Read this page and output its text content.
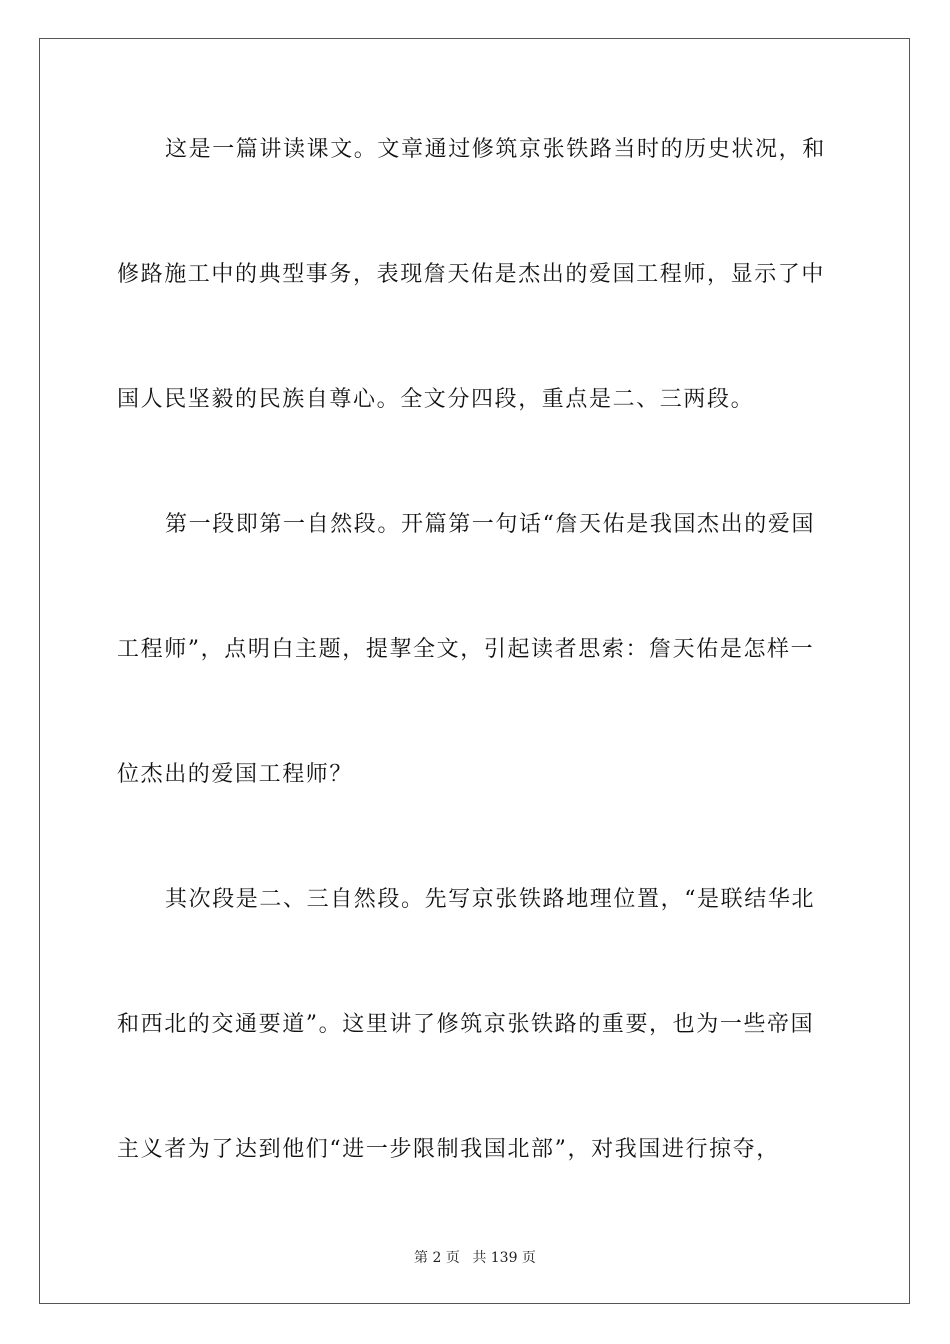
这是一篇讲读课文。文章通过修筑京张铁路当时的历史状况，和
修路施工中的典型事务，表现詹天佑是杰出的爱国工程师，显示了中
国人民坚毅的民族自尊心。全文分四段，重点是二、三两段。
第一段即第一自然段。开篇第一句话“詹天佑是我国杰出的爱国
工程师”，点明白主题，提挈全文，引起读者思索：詹天佑是怎样一
位杰出的爱国工程师？
其次段是二、三自然段。先写京张铁路地理位置，“是联结华北
和西北的交通要道”。这里讲了修筑京张铁路的重要，也为一些帝国
主义者为了达到他们“进一步限制我国北部”，对我国进行掠夺，
第 2 页 共 139 页
